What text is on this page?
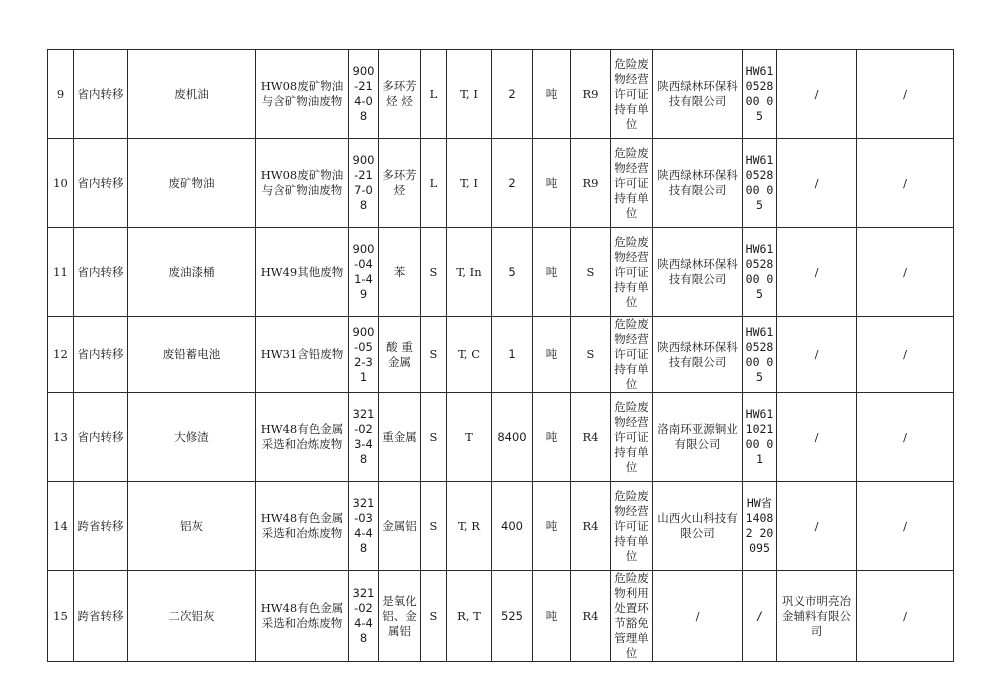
9	省内转移	废机油	HW08废矿物油与含矿物油废物	900-214-08	多环芳烃 烃	L	T, I	2	吨	R9	危险废物经营许可证持有单位	陕西绿林环保科技有限公司	HW61052800 05	/	/
10	省内转移	废矿物油	HW08废矿物油与含矿物油废物	900-217-08	多环芳烃	L	T, I	2	吨	R9	危险废物经营许可证持有单位	陕西绿林环保科技有限公司	HW61052800 05	/	/
11	省内转移	废油漆桶	HW49其他废物	900-041-49	苯	S	T, In	5	吨	S	危险废物经营许可证持有单位	陕西绿林环保科技有限公司	HW61052800 05	/	/
12	省内转移	废铅蓄电池	HW31含铅废物	900-052-31	酸 重金属	S	T, C	1	吨	S	危险废物经营许可证持有单位	陕西绿林环保科技有限公司	HW61052800 05	/	/
13	省内转移	大修渣	HW48有色金属采选和冶炼废物	321-023-48	重金属	S	T	8400	吨	R4	危险废物经营许可证持有单位	洛南环亚源铜业有限公司	HW61102100 01	/	/
14	跨省转移	铝灰	HW48有色金属采选和冶炼废物	321-034-48	金属铝	S	T, R	400	吨	R4	危险废物经营许可证持有单位	山西火山科技有限公司	HW省14082 20095	/	/
15	跨省转移	二次铝灰	HW48有色金属采选和冶炼废物	321-024-48	是氧化铝、金属铝	S	R, T	525	吨	R4	危险废物利用处置环节豁免管理单位	/	/	巩义市明亮冶金辅料有限公司	/
